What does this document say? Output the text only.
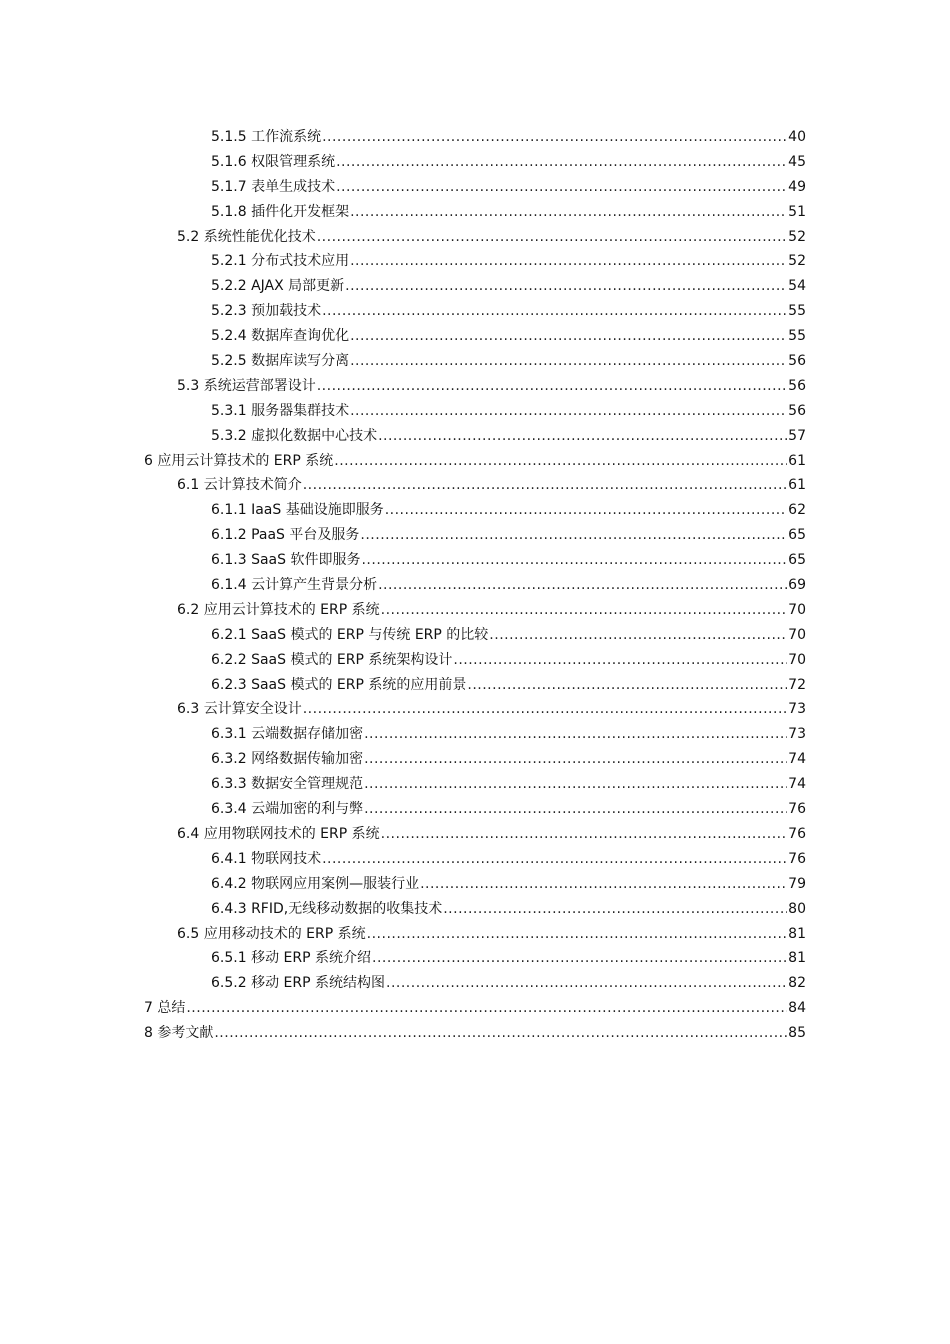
5.1.5 工作流系统 .....	40
5.1.6 权限管理系统 .....	45
5.1.7 表单生成技术 .....	49
5.1.8 插件化开发框架 .....	51
5.2 系统性能优化技术 .....	52
5.2.1 分布式技术应用 .....	52
5.2.2 AJAX 局部更新 .....	54
5.2.3 预加载技术 .....	55
5.2.4 数据库查询优化 .....	55
5.2.5 数据库读写分离 .....	56
5.3 系统运营部署设计 .....	56
5.3.1 服务器集群技术 .....	56
5.3.2 虚拟化数据中心技术 .....	57
6 应用云计算技术的 ERP 系统 .....	61
6.1 云计算技术简介 .....	61
6.1.1 IaaS 基础设施即服务 .....	62
6.1.2 PaaS 平台及服务 .....	65
6.1.3 SaaS 软件即服务 .....	65
6.1.4 云计算产生背景分析 .....	69
6.2 应用云计算技术的 ERP 系统 .....	70
6.2.1 SaaS 模式的 ERP 与传统 ERP 的比较 .....	70
6.2.2 SaaS 模式的 ERP 系统架构设计 .....	70
6.2.3 SaaS 模式的 ERP 系统的应用前景 .....	72
6.3 云计算安全设计 .....	73
6.3.1 云端数据存储加密 .....	73
6.3.2 网络数据传输加密 .....	74
6.3.3 数据安全管理规范 .....	74
6.3.4 云端加密的利与弊 .....	76
6.4 应用物联网技术的 ERP 系统 .....	76
6.4.1 物联网技术 .....	76
6.4.2 物联网应用案例—服装行业 .....	79
6.4.3 RFID,无线移动数据的收集技术 .....	80
6.5 应用移动技术的 ERP 系统 .....	81
6.5.1 移动 ERP 系统介绍 .....	81
6.5.2 移动 ERP 系统结构图 .....	82
7 总结 .....	84
8 参考文献 .....	85
